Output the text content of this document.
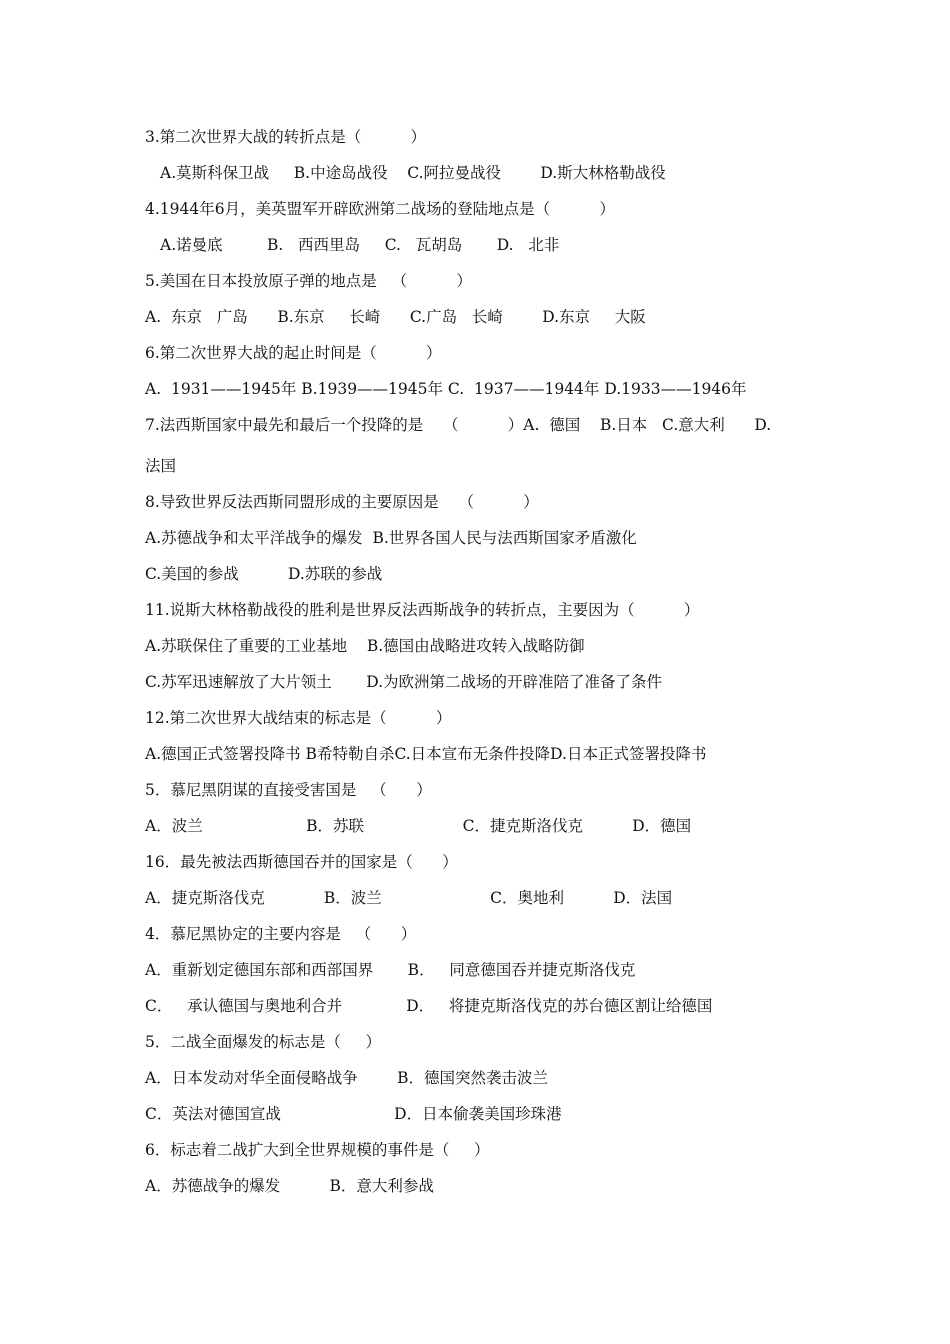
3.第二次世界大战的转折点是（          ）
A.莫斯科保卫战     B.中途岛战役    C.阿拉曼战役        D.斯大林格勒战役
4.1944年6月，美英盟军开辟欧洲第二战场的登陆地点是（          ）
A.诺曼底         B.   西西里岛     C.   瓦胡岛       D.   北非
5.美国在日本投放原子弹的地点是   （          ）
A.  东京   广岛      B.东京     长崎      C.广岛   长崎        D.东京     大阪
6.第二次世界大战的起止时间是（          ）
A.  1931——1945年 B.1939——1945年 C.  1937——1944年 D.1933——1946年
7.法西斯国家中最先和最后一个投降的是    （          ）A.  德国    B.日本   C.意大利      D.
法国
8.导致世界反法西斯同盟形成的主要原因是    （          ）
A.苏德战争和太平洋战争的爆发  B.世界各国人民与法西斯国家矛盾激化
C.美国的参战          D.苏联的参战
11.说斯大林格勒战役的胜利是世界反法西斯战争的转折点，主要因为（          ）
A.苏联保住了重要的工业基地    B.德国由战略进攻转入战略防御
C.苏军迅速解放了大片领土       D.为欧洲第二战场的开辟准陪了准备了条件
12.第二次世界大战结束的标志是（          ）
A.德国正式签署投降书 B希特勒自杀C.日本宣布无条件投降D.日本正式签署投降书
5．慕尼黑阴谋的直接受害国是   （      ）
A．波兰                     B．苏联                    C．捷克斯洛伐克          D．德国
16．最先被法西斯德国吞并的国家是（      ）
A．捷克斯洛伐克            B．波兰                      C．奥地利          D．法国
4．慕尼黑协定的主要内容是   （      ）
A．重新划定德国东部和西部国界       B．   同意德国吞并捷克斯洛伐克
C．   承认德国与奥地利合并             D．   将捷克斯洛伐克的苏台德区割让给德国
5．二战全面爆发的标志是（     ）
A．日本发动对华全面侵略战争        B．德国突然袭击波兰
C．英法对德国宣战                       D．日本偷袭美国珍珠港
6．标志着二战扩大到全世界规模的事件是（     ）
A．苏德战争的爆发          B．意大利参战
